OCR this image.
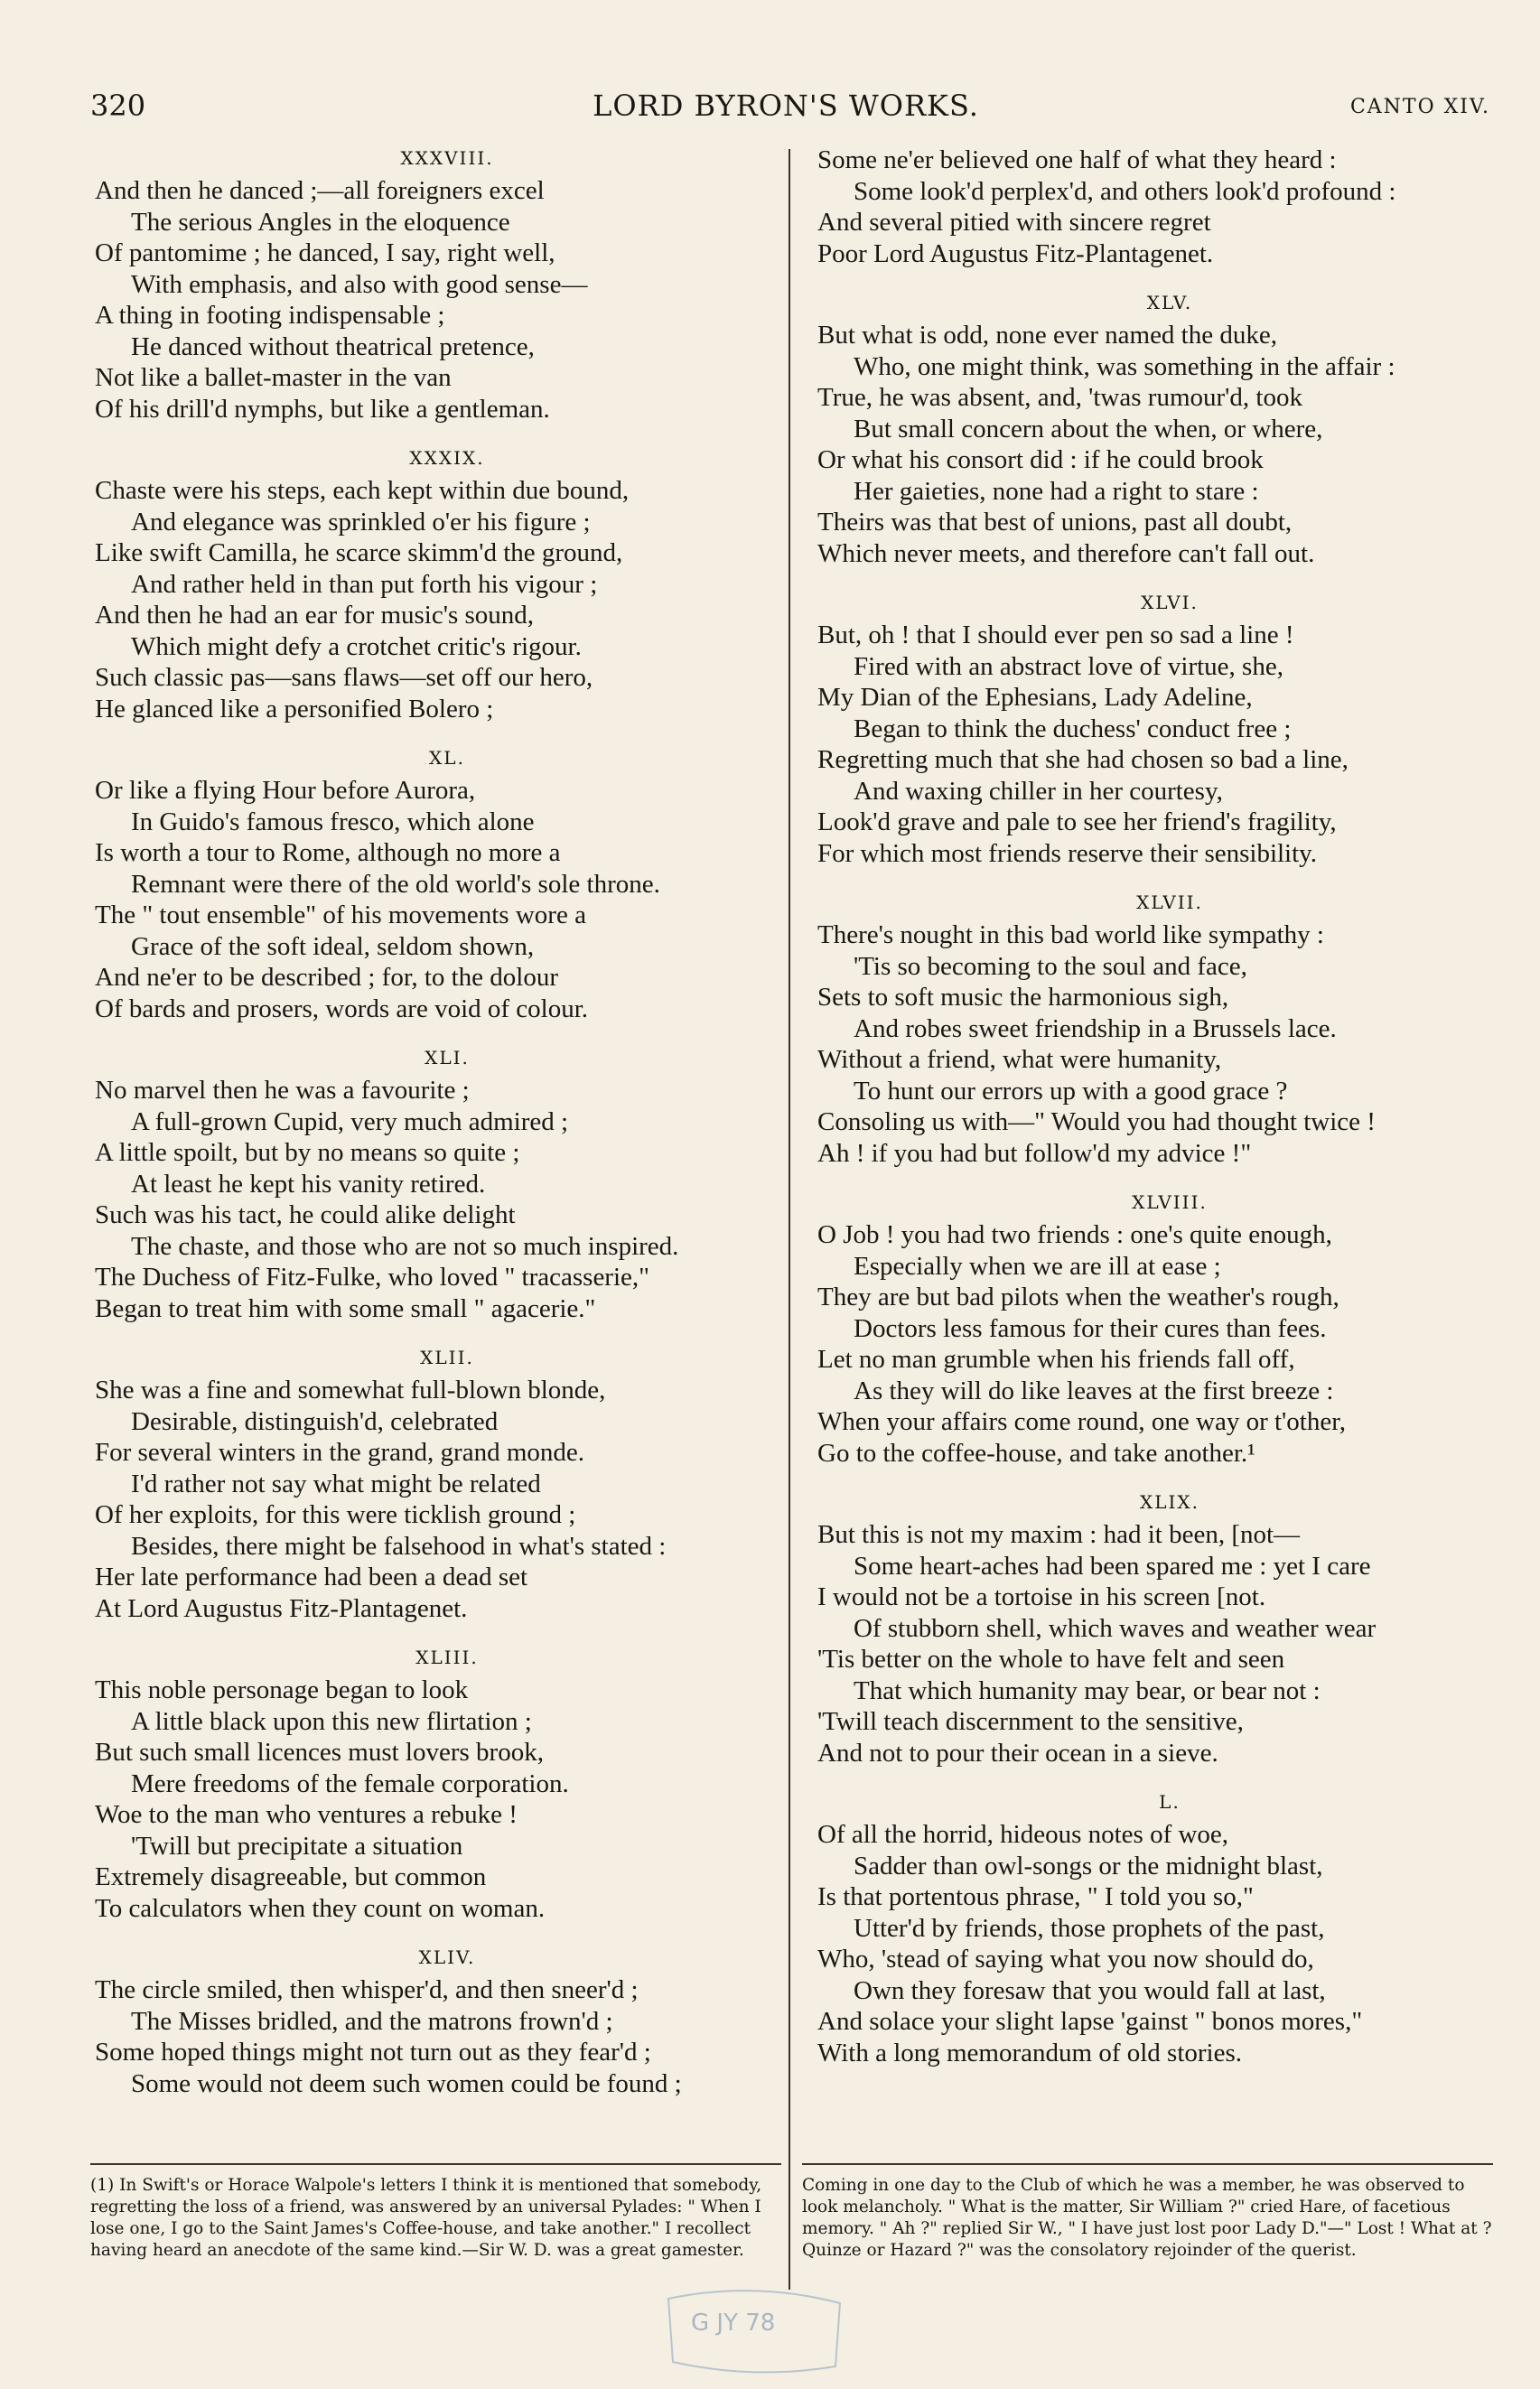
320	LORD BYRON'S WORKS.	CANTO XIV.
XXXVIII.
And then he danced ;—all foreigners excel
The serious Angles in the eloquence
Of pantomime ; he danced, I say, right well,
With emphasis, and also with good sense—
A thing in footing indispensable ;
He danced without theatrical pretence,
Not like a ballet-master in the van
Of his drill'd nymphs, but like a gentleman.
XXXIX.
Chaste were his steps, each kept within due bound,
And elegance was sprinkled o'er his figure ;
Like swift Camilla, he scarce skimm'd the ground,
And rather held in than put forth his vigour ;
And then he had an ear for music's sound,
Which might defy a crotchet critic's rigour.
Such classic pas—sans flaws—set off our hero,
He glanced like a personified Bolero ;
XL.
Or like a flying Hour before Aurora,
In Guido's famous fresco, which alone
Is worth a tour to Rome, although no more a
Remnant were there of the old world's sole throne.
The " tout ensemble" of his movements wore a
Grace of the soft ideal, seldom shown,
And ne'er to be described ; for, to the dolour
Of bards and prosers, words are void of colour.
XLI.
No marvel then he was a favourite ;
A full-grown Cupid, very much admired ;
A little spoilt, but by no means so quite ;
At least he kept his vanity retired.
Such was his tact, he could alike delight
The chaste, and those who are not so much inspired.
The Duchess of Fitz-Fulke, who loved " tracasserie,"
Began to treat him with some small " agacerie."
XLII.
She was a fine and somewhat full-blown blonde,
Desirable, distinguish'd, celebrated
For several winters in the grand, grand monde.
I'd rather not say what might be related
Of her exploits, for this were ticklish ground ;
Besides, there might be falsehood in what's stated :
Her late performance had been a dead set
At Lord Augustus Fitz-Plantagenet.
XLIII.
This noble personage began to look
A little black upon this new flirtation ;
But such small licences must lovers brook,
Mere freedoms of the female corporation.
Woe to the man who ventures a rebuke !
'Twill but precipitate a situation
Extremely disagreeable, but common
To calculators when they count on woman.
XLIV.
The circle smiled, then whisper'd, and then sneer'd ;
The Misses bridled, and the matrons frown'd ;
Some hoped things might not turn out as they fear'd ;
Some would not deem such women could be found ;
Some ne'er believed one half of what they heard :
Some look'd perplex'd, and others look'd profound :
And several pitied with sincere regret
Poor Lord Augustus Fitz-Plantagenet.
XLV.
But what is odd, none ever named the duke,
Who, one might think, was something in the affair :
True, he was absent, and, 'twas rumour'd, took
But small concern about the when, or where,
Or what his consort did : if he could brook
Her gaieties, none had a right to stare :
Theirs was that best of unions, past all doubt,
Which never meets, and therefore can't fall out.
XLVI.
But, oh ! that I should ever pen so sad a line !
Fired with an abstract love of virtue, she,
My Dian of the Ephesians, Lady Adeline,
Began to think the duchess' conduct free ;
Regretting much that she had chosen so bad a line,
And waxing chiller in her courtesy,
Look'd grave and pale to see her friend's fragility,
For which most friends reserve their sensibility.
XLVII.
There's nought in this bad world like sympathy :
'Tis so becoming to the soul and face,
Sets to soft music the harmonious sigh,
And robes sweet friendship in a Brussels lace.
Without a friend, what were humanity,
To hunt our errors up with a good grace ?
Consoling us with—" Would you had thought twice !
Ah ! if you had but follow'd my advice !"
XLVIII.
O Job ! you had two friends : one's quite enough,
Especially when we are ill at ease ;
They are but bad pilots when the weather's rough,
Doctors less famous for their cures than fees.
Let no man grumble when his friends fall off,
As they will do like leaves at the first breeze :
When your affairs come round, one way or t'other,
Go to the coffee-house, and take another.¹
XLIX.
But this is not my maxim : had it been, [not—
Some heart-aches had been spared me : yet I care
I would not be a tortoise in his screen [not.
Of stubborn shell, which waves and weather wear
'Tis better on the whole to have felt and seen
That which humanity may bear, or bear not :
'Twill teach discernment to the sensitive,
And not to pour their ocean in a sieve.
L.
Of all the horrid, hideous notes of woe,
Sadder than owl-songs or the midnight blast,
Is that portentous phrase, " I told you so,"
Utter'd by friends, those prophets of the past,
Who, 'stead of saying what you now should do,
Own they foresaw that you would fall at last,
And solace your slight lapse 'gainst " bonos mores,"
With a long memorandum of old stories.
(1) In Swift's or Horace Walpole's letters I think it is mentioned that somebody, regretting the loss of a friend, was answered by an universal Pylades: " When I lose one, I go to the Saint James's Coffee-house, and take another." I recollect having heard an anecdote of the same kind.—Sir W. D. was a great gamester.
Coming in one day to the Club of which he was a member, he was observed to look melancholy. " What is the matter, Sir William ?" cried Hare, of facetious memory. " Ah ?" replied Sir W., " I have just lost poor Lady D."—" Lost ! What at ? Quinze or Hazard ?" was the consolatory rejoinder of the querist.
G JY 78
